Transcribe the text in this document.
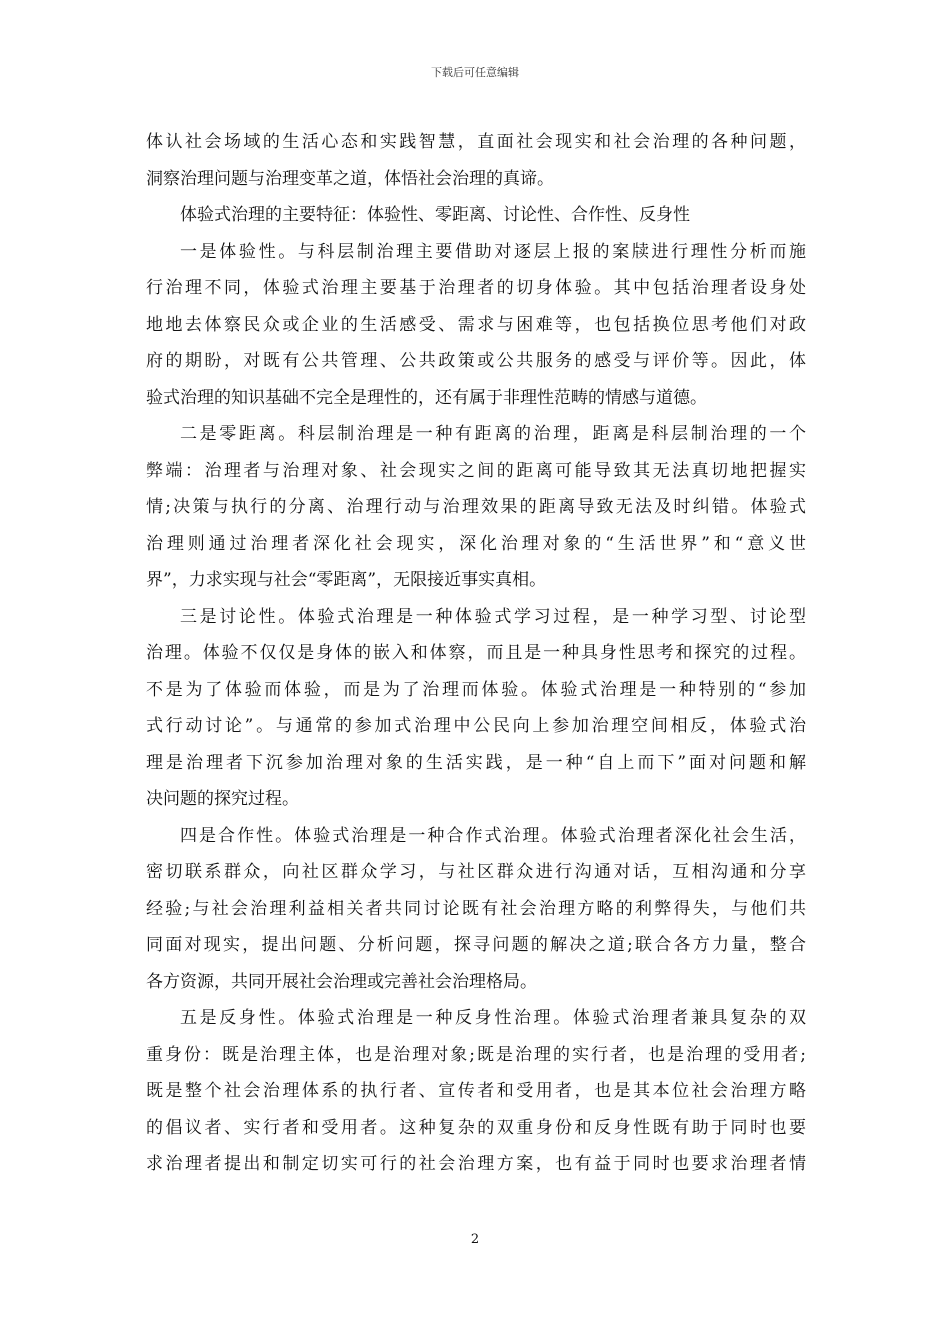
下载后可任意编辑
体认社会场域的生活心态和实践智慧，直面社会现实和社会治理的各种问题，
洞察治理问题与治理变革之道，体悟社会治理的真谛。
体验式治理的主要特征：体验性、零距离、讨论性、合作性、反身性
一是体验性。与科层制治理主要借助对逐层上报的案牍进行理性分析而施
行治理不同，体验式治理主要基于治理者的切身体验。其中包括治理者设身处
地地去体察民众或企业的生活感受、需求与困难等，也包括换位思考他们对政
府的期盼，对既有公共管理、公共政策或公共服务的感受与评价等。因此，体
验式治理的知识基础不完全是理性的，还有属于非理性范畴的情感与道德。
二是零距离。科层制治理是一种有距离的治理，距离是科层制治理的一个
弊端：治理者与治理对象、社会现实之间的距离可能导致其无法真切地把握实
情;决策与执行的分离、治理行动与治理效果的距离导致无法及时纠错。体验式
治理则通过治理者深化社会现实，深化治理对象的“生活世界”和“意义世
界”，力求实现与社会“零距离”，无限接近事实真相。
三是讨论性。体验式治理是一种体验式学习过程，是一种学习型、讨论型
治理。体验不仅仅是身体的嵌入和体察，而且是一种具身性思考和探究的过程。
不是为了体验而体验，而是为了治理而体验。体验式治理是一种特别的“参加
式行动讨论”。与通常的参加式治理中公民向上参加治理空间相反，体验式治
理是治理者下沉参加治理对象的生活实践，是一种“自上而下”面对问题和解
决问题的探究过程。
四是合作性。体验式治理是一种合作式治理。体验式治理者深化社会生活，
密切联系群众，向社区群众学习，与社区群众进行沟通对话，互相沟通和分享
经验;与社会治理利益相关者共同讨论既有社会治理方略的利弊得失，与他们共
同面对现实，提出问题、分析问题，探寻问题的解决之道;联合各方力量，整合
各方资源，共同开展社会治理或完善社会治理格局。
五是反身性。体验式治理是一种反身性治理。体验式治理者兼具复杂的双
重身份：既是治理主体，也是治理对象;既是治理的实行者，也是治理的受用者;
既是整个社会治理体系的执行者、宣传者和受用者，也是其本位社会治理方略
的倡议者、实行者和受用者。这种复杂的双重身份和反身性既有助于同时也要
求治理者提出和制定切实可行的社会治理方案，也有益于同时也要求治理者情
2
